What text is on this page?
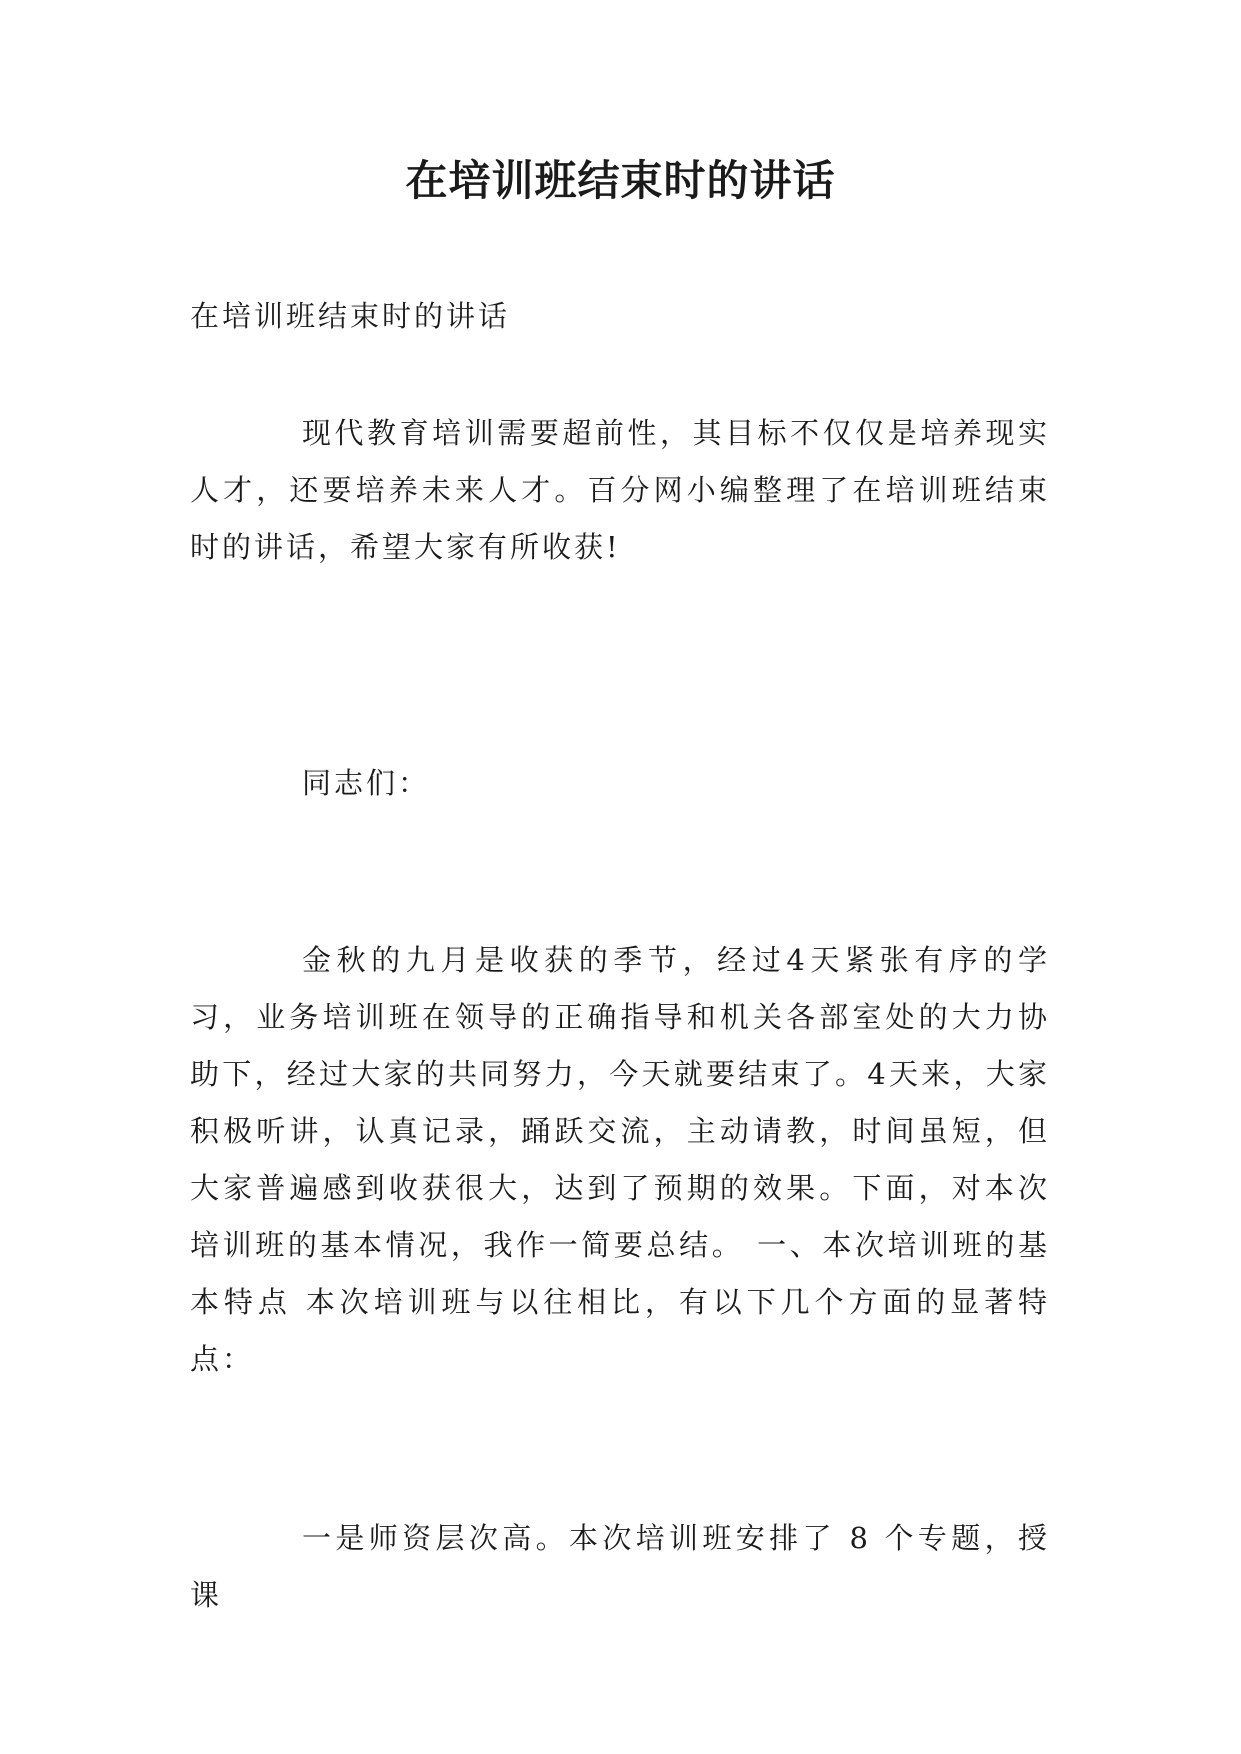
在培训班结束时的讲话

在培训班结束时的讲话

现代教育培训需要超前性，其目标不仅仅是培养现实人才，还要培养未来人才。百分网小编整理了在培训班结束时的讲话，希望大家有所收获!

同志们：

金秋的九月是收获的季节，经过4天紧张有序的学习，业务培训班在领导的正确指导和机关各部室处的大力协助下，经过大家的共同努力，今天就要结束了。4天来，大家积极听讲，认真记录，踊跃交流，主动请教，时间虽短，但大家普遍感到收获很大，达到了预期的效果。下面，对本次培训班的基本情况，我作一简要总结。 一、本次培训班的基本特点 本次培训班与以往相比，有以下几个方面的显著特点：

一是师资层次高。本次培训班安排了 8 个专题，授课
